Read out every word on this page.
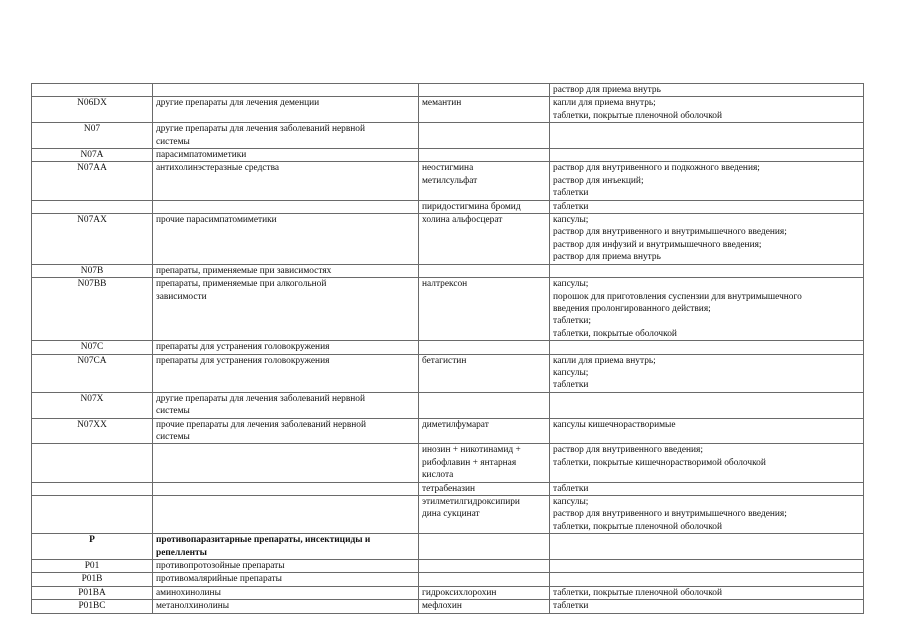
			раствор для приема внутрь

N06DX	другие препараты для лечения деменции	мемантин	капли для приема внутрь;
таблетки, покрытые пленочной оболочкой

N07	другие препараты для лечения заболеваний нервной
системы		

N07A	парасимпатомиметики		

N07AA	антихолинэстеразные средства	неостигмина
метилсульфат	раствор для внутривенного и подкожного введения;
раствор для инъекций;
таблетки

		пиридостигмина бромид	таблетки

N07AX	прочие парасимпатомиметики	холина альфосцерат	капсулы;
раствор для внутривенного и внутримышечного введения;
раствор для инфузий и внутримышечного введения;
раствор для приема внутрь

N07B	препараты, применяемые при зависимостях		

N07BB	препараты, применяемые при алкогольной
зависимости	налтрексон	капсулы;
порошок для приготовления суспензии для внутримышечного
введения пролонгированного действия;
таблетки;
таблетки, покрытые оболочкой

N07C	препараты для устранения головокружения		

N07CA	препараты для устранения головокружения	бетагистин	капли для приема внутрь;
капсулы;
таблетки

N07X	другие препараты для лечения заболеваний нервной
системы		

N07XX	прочие препараты для лечения заболеваний нервной
системы	диметилфумарат	капсулы кишечнорастворимые

		инозин + никотинамид +
рибофлавин + янтарная
кислота	раствор для внутривенного введения;
таблетки, покрытые кишечнорастворимой оболочкой

		тетрабеназин	таблетки

		этилметилгидроксипири
дина сукцинат	капсулы;
раствор для внутривенного и внутримышечного введения;
таблетки, покрытые пленочной оболочкой

P	противопаразитарные препараты, инсектициды и
репелленты		

P01	противопротозойные препараты		

P01B	противомалярийные препараты		

P01BA	аминохинолины	гидроксихлорохин	таблетки, покрытые пленочной оболочкой

P01BC	метанолхинолины	мефлохин	таблетки
